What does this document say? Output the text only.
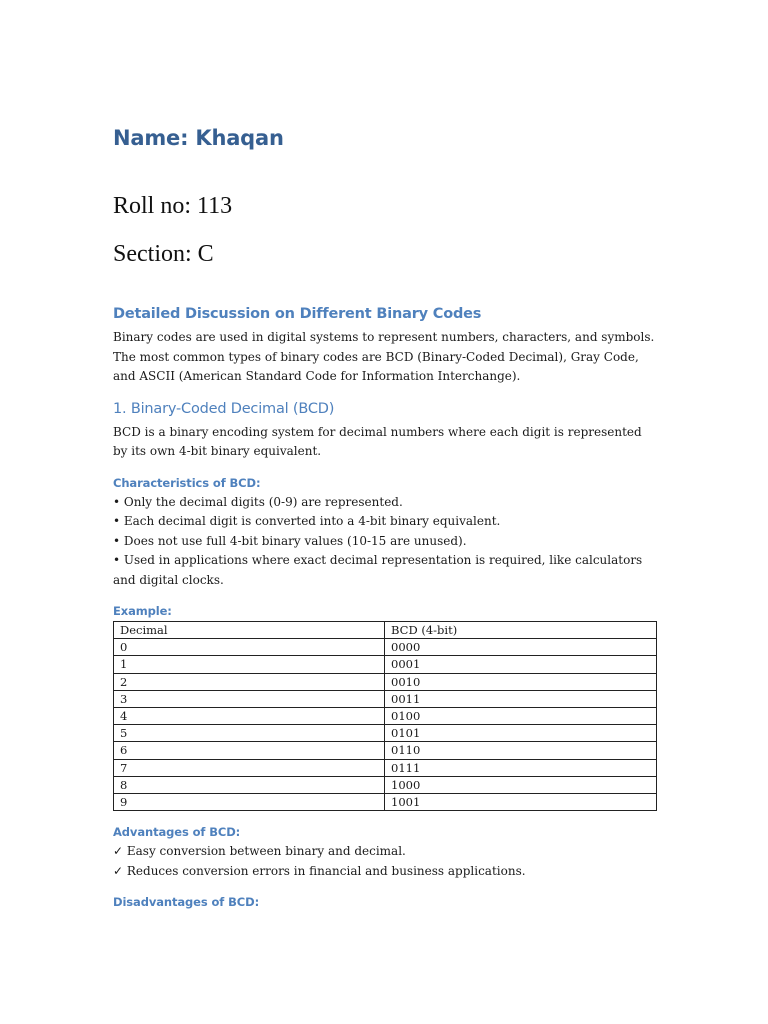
Name: Khaqan

Roll no: 113

Section: C

Detailed Discussion on Different Binary Codes

Binary codes are used in digital systems to represent numbers, characters, and symbols. The most common types of binary codes are BCD (Binary-Coded Decimal), Gray Code, and ASCII (American Standard Code for Information Interchange).

1. Binary-Coded Decimal (BCD)

BCD is a binary encoding system for decimal numbers where each digit is represented by its own 4-bit binary equivalent.

Characteristics of BCD:

• Only the decimal digits (0-9) are represented.

• Each decimal digit is converted into a 4-bit binary equivalent.

• Does not use full 4-bit binary values (10-15 are unused).

• Used in applications where exact decimal representation is required, like calculators and digital clocks.

Example:
Decimal	BCD (4-bit)
0	0000
1	0001
2	0010
3	0011
4	0100
5	0101
6	0110
7	0111
8	1000
9	1001
Advantages of BCD:

✓ Easy conversion between binary and decimal.

✓ Reduces conversion errors in financial and business applications.

Disadvantages of BCD:
